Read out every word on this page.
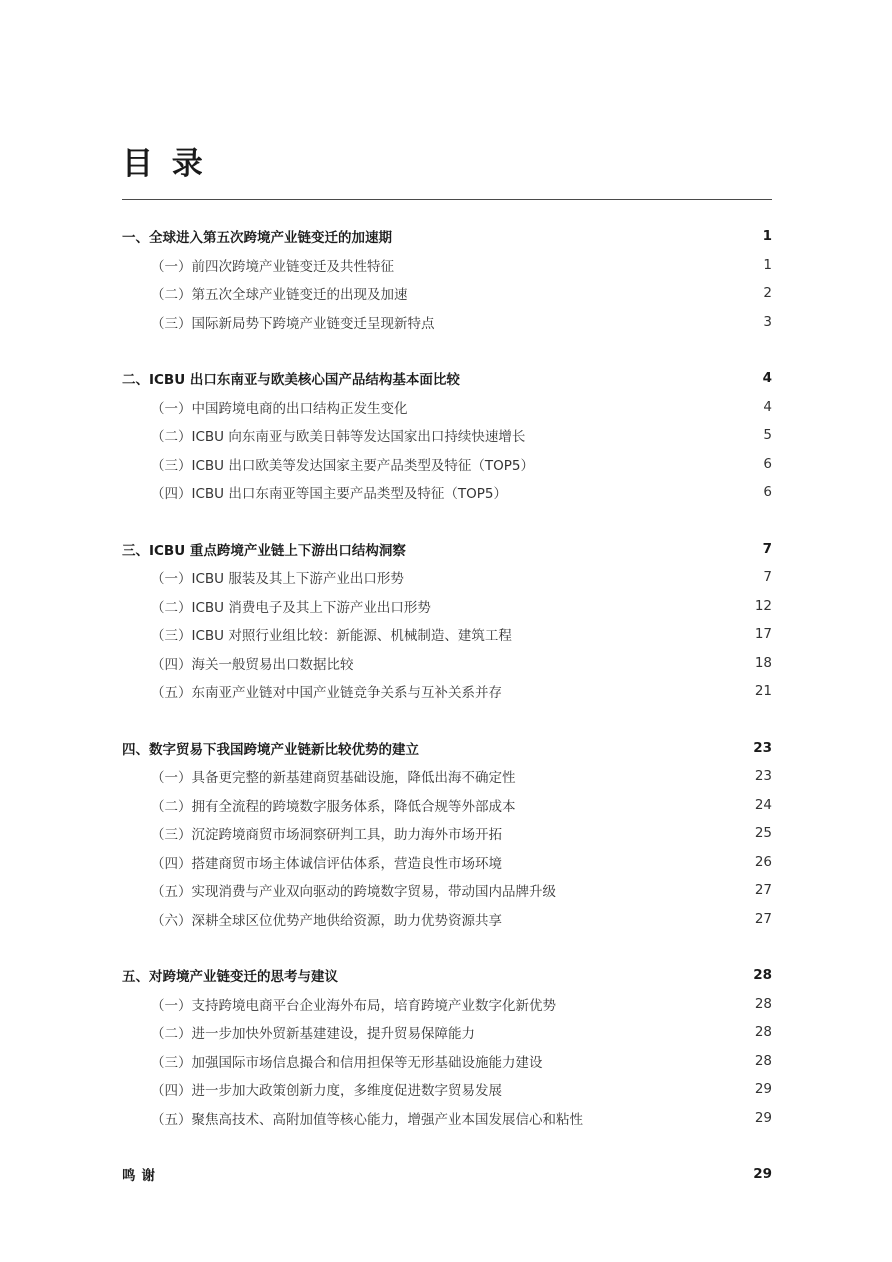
目 录
一、全球进入第五次跨境产业链变迁的加速期	1
（一）前四次跨境产业链变迁及共性特征	1
（二）第五次全球产业链变迁的出现及加速	2
（三）国际新局势下跨境产业链变迁呈现新特点	3
二、ICBU 出口东南亚与欧美核心国产品结构基本面比较	4
（一）中国跨境电商的出口结构正发生变化	4
（二）ICBU 向东南亚与欧美日韩等发达国家出口持续快速增长	5
（三）ICBU 出口欧美等发达国家主要产品类型及特征（TOP5）	6
（四）ICBU 出口东南亚等国主要产品类型及特征（TOP5）	6
三、ICBU 重点跨境产业链上下游出口结构洞察	7
（一）ICBU 服装及其上下游产业出口形势	7
（二）ICBU 消费电子及其上下游产业出口形势	12
（三）ICBU 对照行业组比较：新能源、机械制造、建筑工程	17
（四）海关一般贸易出口数据比较	18
（五）东南亚产业链对中国产业链竞争关系与互补关系并存	21
四、数字贸易下我国跨境产业链新比较优势的建立	23
（一）具备更完整的新基建商贸基础设施，降低出海不确定性	23
（二）拥有全流程的跨境数字服务体系，降低合规等外部成本	24
（三）沉淀跨境商贸市场洞察研判工具，助力海外市场开拓	25
（四）搭建商贸市场主体诚信评估体系，营造良性市场环境	26
（五）实现消费与产业双向驱动的跨境数字贸易，带动国内品牌升级	27
（六）深耕全球区位优势产地供给资源，助力优势资源共享	27
五、对跨境产业链变迁的思考与建议	28
（一）支持跨境电商平台企业海外布局，培育跨境产业数字化新优势	28
（二）进一步加快外贸新基建建设，提升贸易保障能力	28
（三）加强国际市场信息撮合和信用担保等无形基础设施能力建设	28
（四）进一步加大政策创新力度，多维度促进数字贸易发展	29
（五）聚焦高技术、高附加值等核心能力，增强产业本国发展信心和粘性	29
鸣谢	29
